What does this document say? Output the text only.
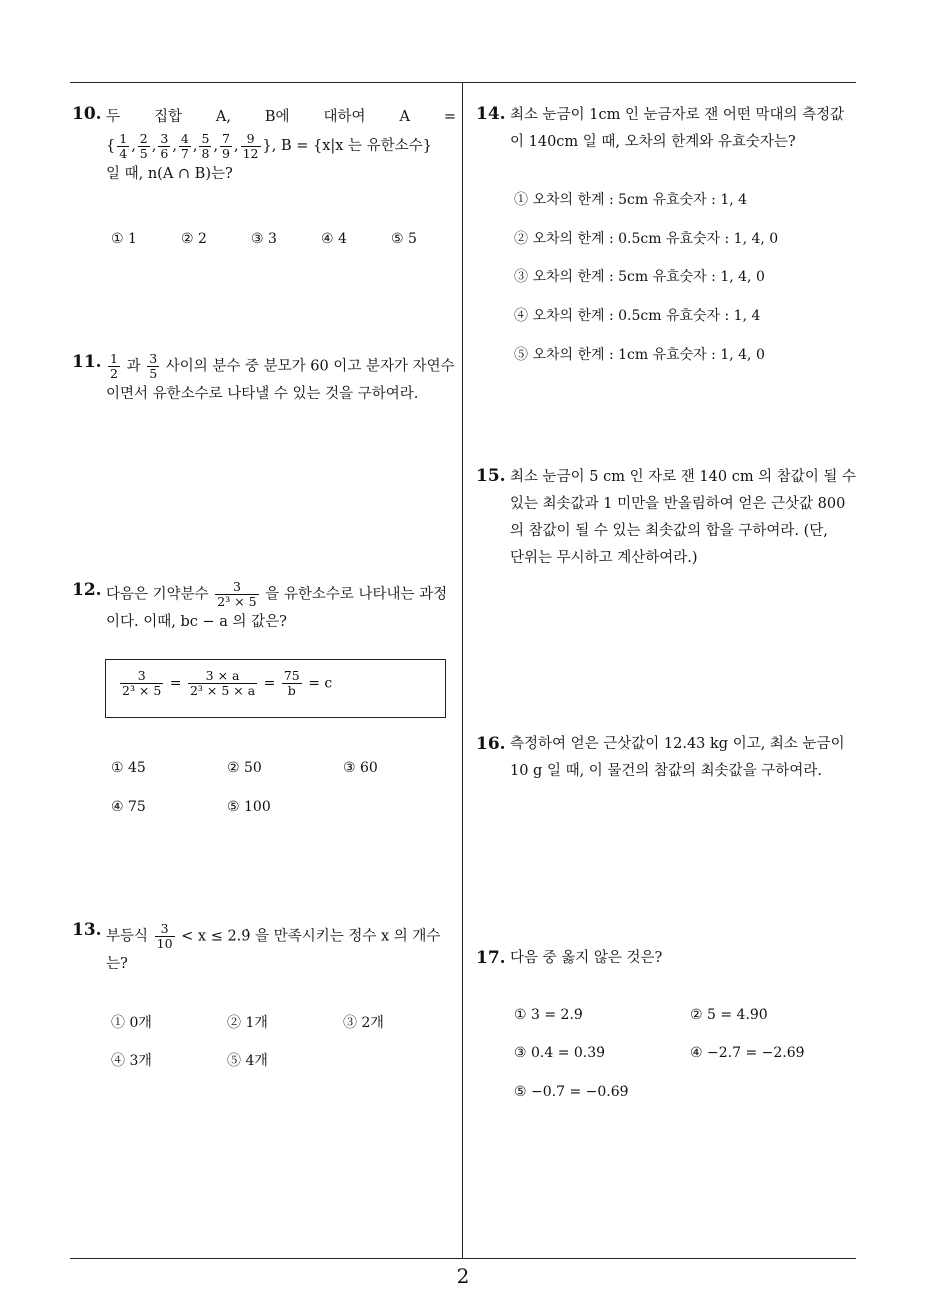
2
10. 두 집합 A, B에 대하여 A =
{ $\frac{1}{4}$ , $\frac{2}{5}$ , $\frac{3}{6}$ , $\frac{4}{7}$ , $\frac{5}{8}$ , $\frac{7}{9}$ , $\frac{9}{12}$ }, B = {x|x 는 유한소수}
일 때, n(A ∩ B)는?
① 1	② 2	③ 3	④ 4	⑤ 5
11. $\frac{1}{2}$ 과 $\frac{3}{5}$ 사이의 분수 중 분모가 60 이고 분자가 자연수
이면서 유한소수로 나타낼 수 있는 것을 구하여라.
12. 다음은 기약분수 $\frac{3}{\text{2³ × 5}}$ 을 유한소수로 나타내는 과정
이다. 이때, bc − a 의 값은?
$\frac{3}{\text{2³ × 5}} = \frac{3 \times a}{\text{2³ × 5 × a}} = \frac{75}{b} = c$
① 45	② 50	③ 60
④ 75	⑤ 100
13. 부등식 $\frac{3}{10} < x$ ≤ 2.9̇ 을 만족시키는 정수 x 의 개수
는?
① 0개	② 1개	③ 2개
④ 3개	⑤ 4개
14. 최소 눈금이 1cm 인 눈금자로 잰 어떤 막대의 측정값
이 140cm 일 때, 오차의 한계와 유효숫자는?
① 오차의 한계 : 5cm 유효숫자 : 1, 4
② 오차의 한계 : 0.5cm 유효숫자 : 1, 4, 0
③ 오차의 한계 : 5cm 유효숫자 : 1, 4, 0
④ 오차의 한계 : 0.5cm 유효숫자 : 1, 4
⑤ 오차의 한계 : 1cm 유효숫자 : 1, 4, 0
15. 최소 눈금이 5 cm 인 자로 잰 140 cm 의 참값이 될 수
있는 최솟값과 1 미만을 반올림하여 얻은 근삿값 800
의 참값이 될 수 있는 최솟값의 합을 구하여라. (단,
단위는 무시하고 계산하여라.)
16. 측정하여 얻은 근삿값이 12.43 kg 이고, 최소 눈금이
10 g 일 때, 이 물건의 참값의 최솟값을 구하여라.
17. 다음 중 옳지 않은 것은?
① 3 = 2.9̇	② 5 = 4.9̇0̇
③ 0.4 = 0.39̇	④ −2.7 = −2.69̇
⑤ −0.7 = −0.69̇
